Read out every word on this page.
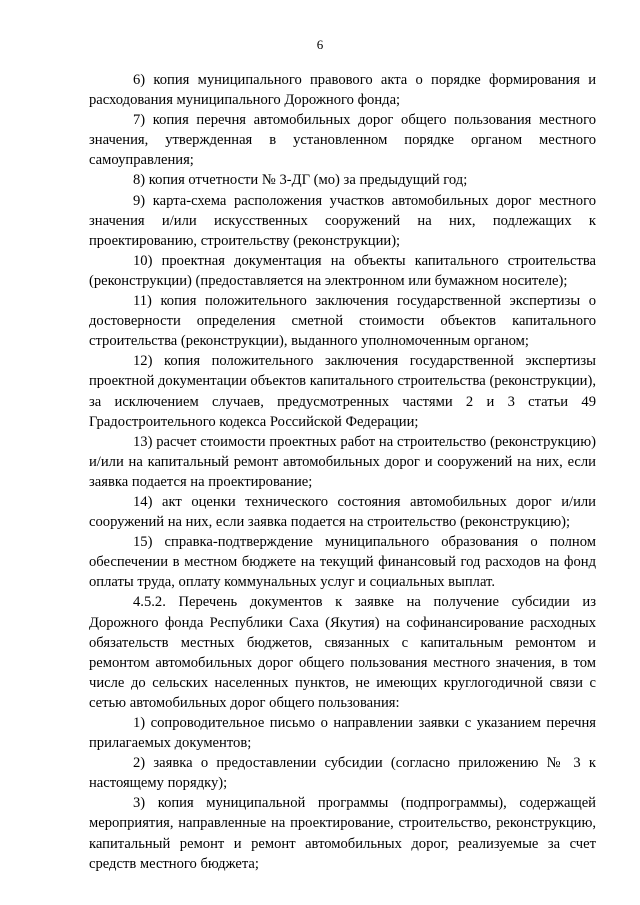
6

6) копия муниципального правового акта о порядке формирования и расходования муниципального Дорожного фонда;

7) копия перечня автомобильных дорог общего пользования местного значения, утвержденная в установленном порядке органом местного самоуправления;

8) копия отчетности № 3-ДГ (мо) за предыдущий год;

9) карта-схема расположения участков автомобильных дорог местного значения и/или искусственных сооружений на них, подлежащих к проектированию, строительству (реконструкции);

10) проектная документация на объекты капитального строительства (реконструкции) (предоставляется на электронном или бумажном носителе);

11) копия положительного заключения государственной экспертизы о достоверности определения сметной стоимости объектов капитального строительства (реконструкции), выданного уполномоченным органом;

12) копия положительного заключения государственной экспертизы проектной документации объектов капитального строительства (реконструкции), за исключением случаев, предусмотренных частями 2 и 3 статьи 49 Градостроительного кодекса Российской Федерации;

13) расчет стоимости проектных работ на строительство (реконструкцию) и/или на капитальный ремонт автомобильных дорог и сооружений на них, если заявка подается на проектирование;

14) акт оценки технического состояния автомобильных дорог и/или сооружений на них, если заявка подается на строительство (реконструкцию);

15) справка-подтверждение муниципального образования о полном обеспечении в местном бюджете на текущий финансовый год расходов на фонд оплаты труда, оплату коммунальных услуг и социальных выплат.

4.5.2. Перечень документов к заявке на получение субсидии из Дорожного фонда Республики Саха (Якутия) на софинансирование расходных обязательств местных бюджетов, связанных с капитальным ремонтом и ремонтом автомобильных дорог общего пользования местного значения, в том числе до сельских населенных пунктов, не имеющих круглогодичной связи с сетью автомобильных дорог общего пользования:

1) сопроводительное письмо о направлении заявки с указанием перечня прилагаемых документов;

2) заявка о предоставлении субсидии (согласно приложению № 3 к настоящему порядку);

3) копия муниципальной программы (подпрограммы), содержащей мероприятия, направленные на проектирование, строительство, реконструкцию, капитальный ремонт и ремонт автомобильных дорог, реализуемые за счет средств местного бюджета;
